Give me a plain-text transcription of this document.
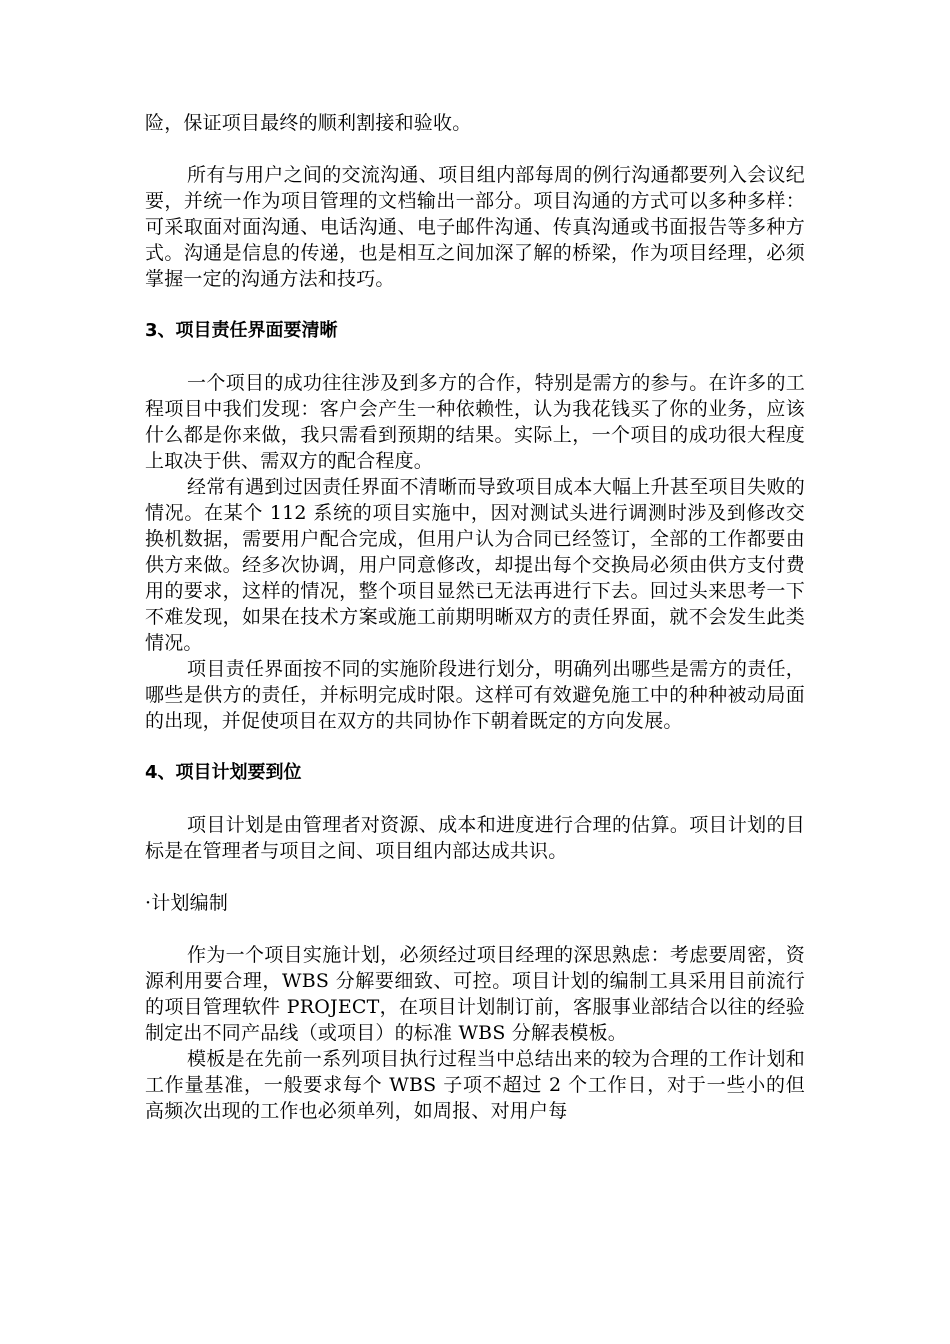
险，保证项目最终的顺利割接和验收。

所有与用户之间的交流沟通、项目组内部每周的例行沟通都要列入会议纪要，并统一作为项目管理的文档输出一部分。项目沟通的方式可以多种多样：可采取面对面沟通、电话沟通、电子邮件沟通、传真沟通或书面报告等多种方式。沟通是信息的传递，也是相互之间加深了解的桥梁，作为项目经理，必须掌握一定的沟通方法和技巧。

3、项目责任界面要清晰

一个项目的成功往往涉及到多方的合作，特别是需方的参与。在许多的工程项目中我们发现：客户会产生一种依赖性，认为我花钱买了你的业务，应该什么都是你来做，我只需看到预期的结果。实际上，一个项目的成功很大程度上取决于供、需双方的配合程度。

经常有遇到过因责任界面不清晰而导致项目成本大幅上升甚至项目失败的情况。在某个 112 系统的项目实施中，因对测试头进行调测时涉及到修改交换机数据，需要用户配合完成，但用户认为合同已经签订，全部的工作都要由供方来做。经多次协调，用户同意修改，却提出每个交换局必须由供方支付费用的要求，这样的情况，整个项目显然已无法再进行下去。回过头来思考一下不难发现，如果在技术方案或施工前期明晰双方的责任界面，就不会发生此类情况。

项目责任界面按不同的实施阶段进行划分，明确列出哪些是需方的责任，哪些是供方的责任，并标明完成时限。这样可有效避免施工中的种种被动局面的出现，并促使项目在双方的共同协作下朝着既定的方向发展。

4、项目计划要到位

项目计划是由管理者对资源、成本和进度进行合理的估算。项目计划的目标是在管理者与项目之间、项目组内部达成共识。

·计划编制

作为一个项目实施计划，必须经过项目经理的深思熟虑：考虑要周密，资源利用要合理，WBS 分解要细致、可控。项目计划的编制工具采用目前流行的项目管理软件 PROJECT，在项目计划制订前，客服事业部结合以往的经验制定出不同产品线（或项目）的标准 WBS 分解表模板。

模板是在先前一系列项目执行过程当中总结出来的较为合理的工作计划和工作量基准，一般要求每个 WBS 子项不超过 2 个工作日，对于一些小的但高频次出现的工作也必须单列，如周报、对用户每
